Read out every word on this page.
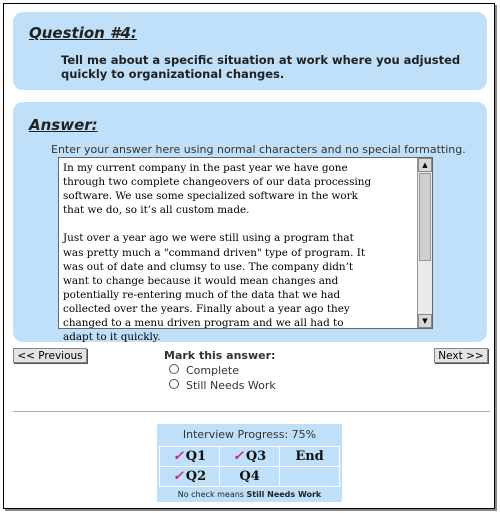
Question #4:
Tell me about a specific situation at work where you adjusted quickly to organizational changes.
Answer:
Enter your answer here using normal characters and no special formatting.
In my current company in the past year we have gone
through two complete changeovers of our data processing
software. We use some specialized software in the work
that we do, so it’s all custom made.

Just over a year ago we were still using a program that
was pretty much a "command driven" type of program. It
was out of date and clumsy to use. The company didn’t
want to change because it would mean changes and
potentially re-entering much of the data that we had
collected over the years. Finally about a year ago they
changed to a menu driven program and we all had to
adapt to it quickly.
▲
▼
<< Previous	Next >>
Mark this answer:
Complete
Still Needs Work
Interview Progress: 75%
✓ Q1	✓ Q3	End
✓ Q2	Q4	
No check means Still Needs Work
